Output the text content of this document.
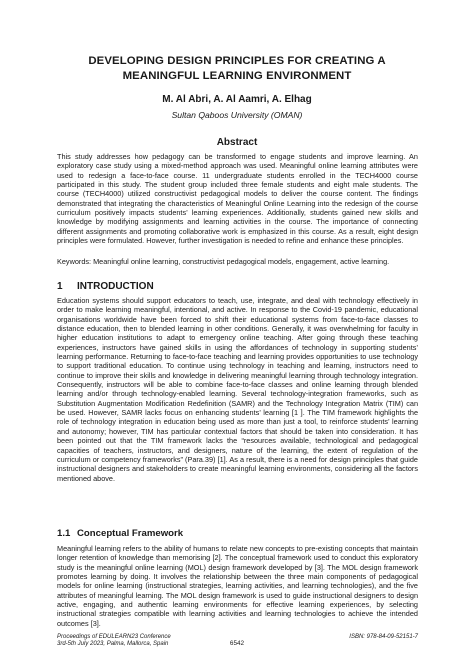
DEVELOPING DESIGN PRINCIPLES FOR CREATING A
MEANINGFUL LEARNING ENVIRONMENT
M. Al Abri, A. Al Aamri, A. Elhag
Sultan Qaboos University (OMAN)
Abstract

This study addresses how pedagogy can be transformed to engage students and improve learning. An exploratory case study using a mixed-method approach was used. Meaningful online learning attributes were used to redesign a face-to-face course. 11 undergraduate students enrolled in the TECH4000 course participated in this study. The student group included three female students and eight male students. The course (TECH4000) utilized constructivist pedagogical models to deliver the course content. The findings demonstrated that integrating the characteristics of Meaningful Online Learning into the redesign of the course curriculum positively impacts students’ learning experiences. Additionally, students gained new skills and knowledge by modifying assignments and learning activities in the course. The importance of connecting different assignments and promoting collaborative work is emphasized in this course. As a result, eight design principles were formulated. However, further investigation is needed to refine and enhance these principles.

Keywords: Meaningful online learning, constructivist pedagogical models, engagement, active learning.

1 INTRODUCTION

Education systems should support educators to teach, use, integrate, and deal with technology effectively in order to make learning meaningful, intentional, and active. In response to the Covid-19 pandemic, educational organisations worldwide have been forced to shift their educational systems from face-to-face classes to distance education, then to blended learning in other conditions. Generally, it was overwhelming for faculty in higher education institutions to adapt to emergency online teaching. After going through these teaching experiences, instructors have gained skills in using the affordances of technology in supporting students’ learning performance. Returning to face-to-face teaching and learning provides opportunities to use technology to support traditional education. To continue using technology in teaching and learning, instructors need to continue to improve their skills and knowledge in delivering meaningful learning through technology integration. Consequently, instructors will be able to combine face-to-face classes and online learning through blended learning and/or through technology-enabled learning. Several technology-integration frameworks, such as Substitution Augmentation Modification Redefinition (SAMR) and the Technology Integration Matrix (TIM) can be used. However, SAMR lacks focus on enhancing students’ learning [1 ]. The TIM framework highlights the role of technology integration in education being used as more than just a tool, to reinforce students’ learning and autonomy; however, TIM has particular contextual factors that should be taken into consideration. It has been pointed out that the TIM framework lacks the “resources available, technological and pedagogical capacities of teachers, instructors, and designers, nature of the learning, the extent of regulation of the curriculum or competency frameworks” (Para.39) [1]. As a result, there is a need for design principles that guide instructional designers and stakeholders to create meaningful learning environments, considering all the factors mentioned above.

1.1 Conceptual Framework

Meaningful learning refers to the ability of humans to relate new concepts to pre-existing concepts that maintain longer retention of knowledge than memorising [2]. The conceptual framework used to conduct this exploratory study is the meaningful online learning (MOL) design framework developed by [3]. The MOL design framework promotes learning by doing. It involves the relationship between the three main components of pedagogical models for online learning (instructional strategies, learning activities, and learning technologies), and the five attributes of meaningful learning. The MOL design framework is used to guide instructional designers to design active, engaging, and authentic learning environments for effective learning experiences, by selecting instructional strategies compatible with learning activities and learning technologies to achieve the intended outcomes [3].

Proceedings of EDULEARN23 Conference
3rd-5th July 2023, Palma, Mallorca, Spain	6542
ISBN: 978-84-09-52151-7
